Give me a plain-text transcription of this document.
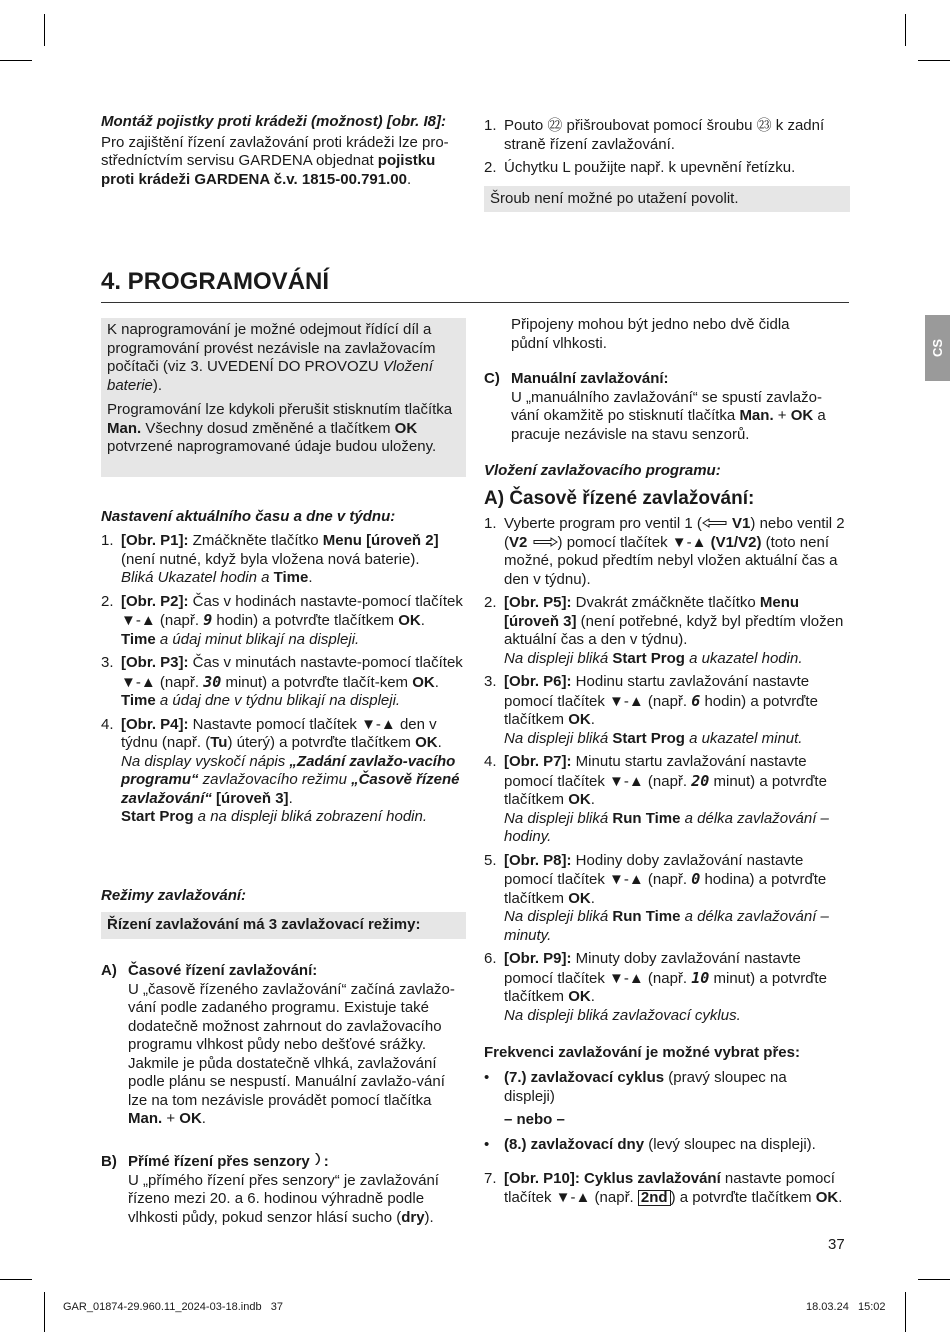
CS

Montáž pojistky proti krádeži (možnost) [obr. I8]:

Pro zajištění řízení zavlažování proti krádeži lze pro-středníctvím servisu GARDENA objednat pojistku proti krádeži GARDENA č.v. 1815-00.791.00.

1. Pouto ㉒ přišroubovat pomocí šroubu ㉓ k zadní straně řízení zavlažování.
2. Úchytku L použijte např. k upevnění řetízku.
Šroub není možné po utažení povolit.
4. PROGRAMOVÁNÍ

K naprogramování je možné odejmout řídící díl a programování provést nezávisle na zavlažovacím počítači (viz 3. UVEDENÍ DO PROVOZU Vložení baterie).

Programování lze kdykoli přerušit stisknutím tlačítka Man. Všechny dosud změněné a tlačítkem OK potvrzené naprogramované údaje budou uloženy.

Nastavení aktuálního času a dne v týdnu:
1. [Obr. P1]: Zmáčkněte tlačítko Menu [úroveň 2] (není nutné, když byla vložena nová baterie).
Bliká Ukazatel hodin a Time.
2. [Obr. P2]: Čas v hodinách nastavte-pomocí tlačítek ▼-▲ (např. 9 hodin) a potvrďte tlačítkem OK.
Time a údaj minut blikají na displeji.
3. [Obr. P3]: Čas v minutách nastavte-pomocí tlačítek ▼-▲ (např. 30 minut) a potvrďte tlačít-kem OK.
Time a údaj dne v týdnu blikají na displeji.
4. [Obr. P4]: Nastavte pomocí tlačítek ▼-▲ den v týdnu (např. (Tu) úterý) a potvrďte tlačítkem OK.
Na display vyskočí nápis „Zadání zavlažo-vacího programu“ zavlažovacího režimu „Časově řízené zavlažování“ [úroveň 3].
Start Prog a na displeji bliká zobrazení hodin.
Režimy zavlažování:
Řízení zavlažování má 3 zavlažovací režimy:
A) Časové řízení zavlažování:

U „časově řízeného zavlažování“ začíná zavlažo-vání podle zadaného programu. Existuje také dodatečně možnost zahrnout do zavlažovacího programu vlhkost půdy nebo dešťové srážky. Jakmile je půda dostatečně vlhká, zavlažování podle plánu se nespustí. Manuální zavlažo-vání lze na tom nezávisle provádět pomocí tlačítka Man. + OK.

B) Přímé řízení přes senzory :

U „přímého řízení přes senzory“ je zavlažování řízeno mezi 20. a 6. hodinou výhradně podle vlhkosti půdy, pokud senzor hlásí sucho (dry).

Připojeny mohou být jedno nebo dvě čidla půdní vlhkosti.

C) Manuální zavlažování:

U „manuálního zavlažování“ se spustí zavlažo-vání okamžitě po stisknutí tlačítka Man. + OK a pracuje nezávisle na stavu senzorů.

Vložení zavlažovacího programu:
A) Časově řízené zavlažování:
1. Vyberte program pro ventil 1 ( V1) nebo ventil 2 (V2 ) pomocí tlačítek ▼-▲ (V1/V2) (toto není možné, pokud předtím nebyl vložen aktuální čas a den v týdnu).
2. [Obr. P5]: Dvakrát zmáčkněte tlačítko Menu [úroveň 3] (není potřebné, když byl předtím vložen aktuální čas a den v týdnu).
Na displeji bliká Start Prog a ukazatel hodin.
3. [Obr. P6]: Hodinu startu zavlažování nastavte pomocí tlačítek ▼-▲ (např. 6 hodin) a potvrďte tlačítkem OK.
Na displeji bliká Start Prog a ukazatel minut.
4. [Obr. P7]: Minutu startu zavlažování nastavte pomocí tlačítek ▼-▲ (např. 20 minut) a potvrďte tlačítkem OK.
Na displeji bliká Run Time a délka zavlažování – hodiny.
5. [Obr. P8]: Hodiny doby zavlažování nastavte pomocí tlačítek ▼-▲ (např. 0 hodina) a potvrďte tlačítkem OK.
Na displeji bliká Run Time a délka zavlažování – minuty.
6. [Obr. P9]: Minuty doby zavlažování nastavte pomocí tlačítek ▼-▲ (např. 10 minut) a potvrďte tlačítkem OK.
Na displeji bliká zavlažovací cyklus.
Frekvenci zavlažování je možné vybrat přes:
• (7.) zavlažovací cyklus (pravý sloupec na displeji)
– nebo –
• (8.) zavlažovací dny (levý sloupec na displeji).
7. [Obr. P10]: Cyklus zavlažování nastavte pomocí tlačítek ▼-▲ (např. 2nd ) a potvrďte tlačítkem OK.
37
GAR_01874-29.960.11_2024-03-18.indb   37	18.03.24   15:02
